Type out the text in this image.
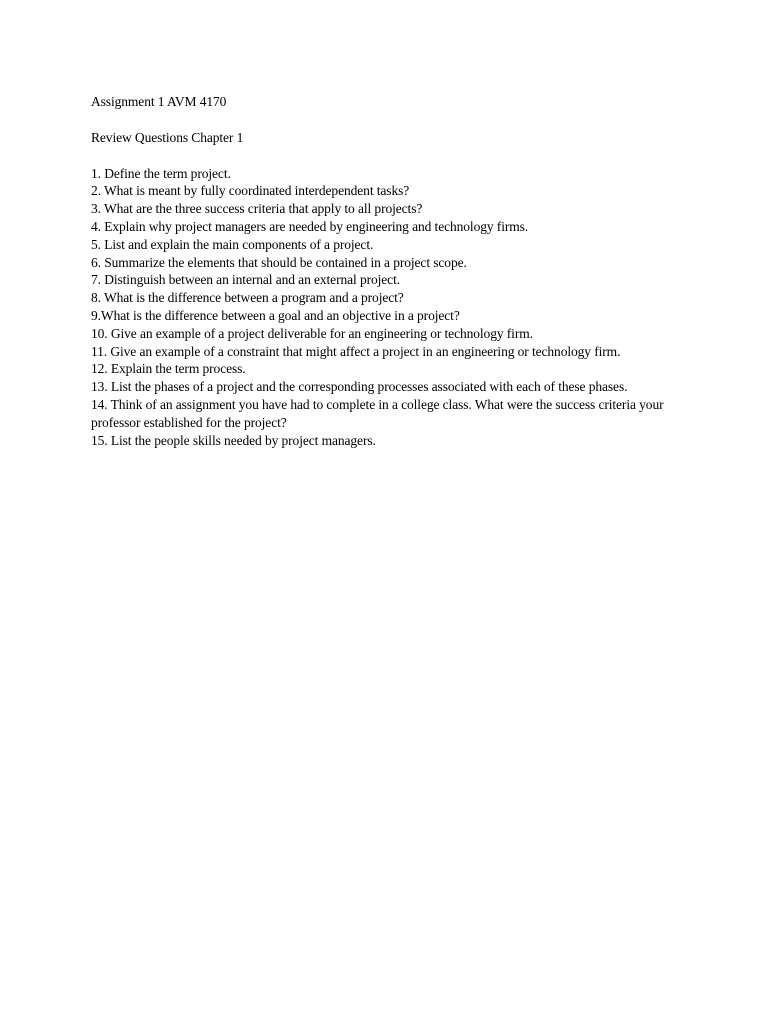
Assignment 1 AVM 4170

Review Questions Chapter 1

1. Define the term project.
2. What is meant by fully coordinated interdependent tasks?
3. What are the three success criteria that apply to all projects?
4. Explain why project managers are needed by engineering and technology firms.
5. List and explain the main components of a project.
6. Summarize the elements that should be contained in a project scope.
7. Distinguish between an internal and an external project.
8. What is the difference between a program and a project?
9.What is the difference between a goal and an objective in a project?
10. Give an example of a project deliverable for an engineering or technology firm.
11. Give an example of a constraint that might affect a project in an engineering or technology firm.
12. Explain the term process.
13. List the phases of a project and the corresponding processes associated with each of these phases.
14. Think of an assignment you have had to complete in a college class. What were the success criteria your professor established for the project?
15. List the people skills needed by project managers.
